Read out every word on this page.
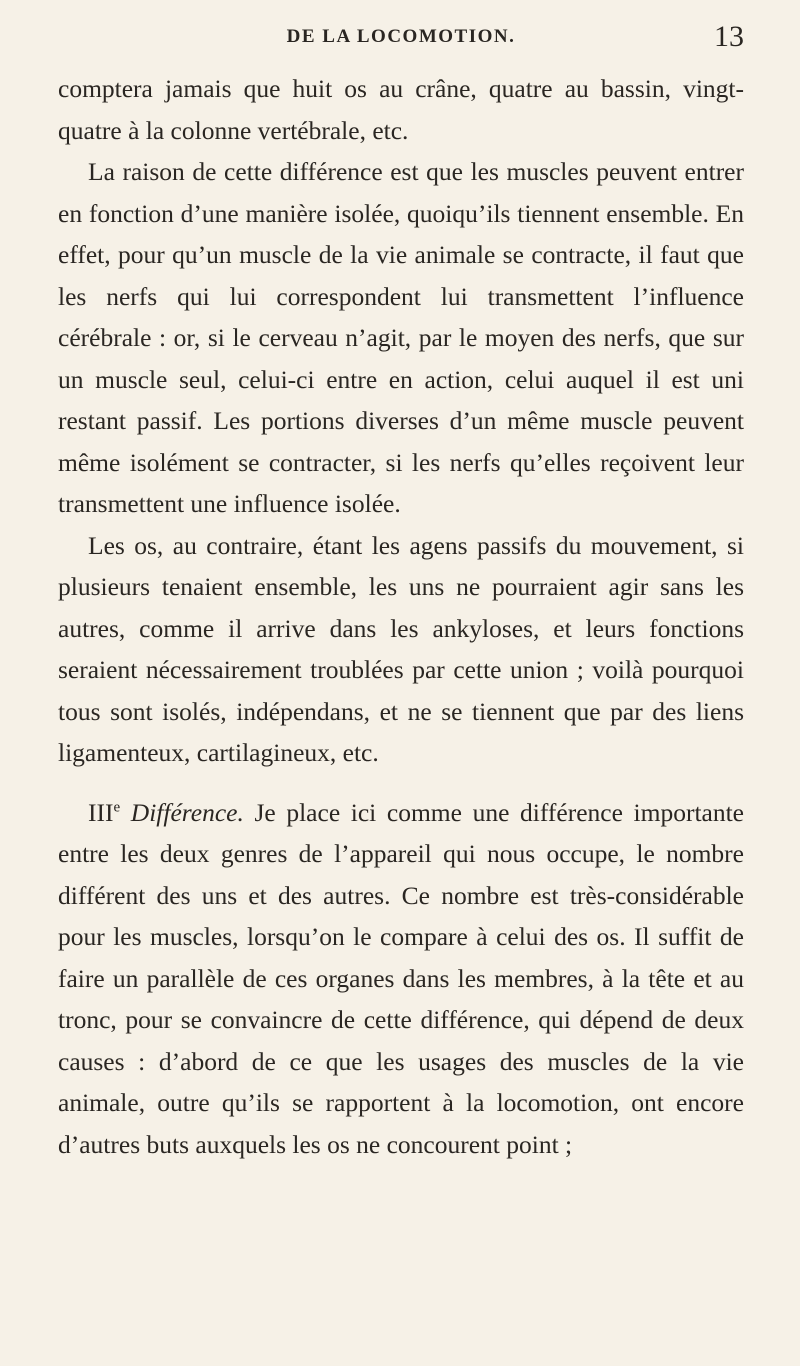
DE LA LOCOMOTION.	13

comptera jamais que huit os au crâne, quatre au bassin, vingt-quatre à la colonne vertébrale, etc.

La raison de cette différence est que les muscles peuvent entrer en fonction d’une manière isolée, quoiqu’ils tiennent ensemble. En effet, pour qu’un muscle de la vie animale se contracte, il faut que les nerfs qui lui correspondent lui transmettent l’influence cérébrale : or, si le cerveau n’agit, par le moyen des nerfs, que sur un muscle seul, celui-ci entre en action, celui auquel il est uni restant passif. Les portions diverses d’un même muscle peuvent même isolément se contracter, si les nerfs qu’elles reçoivent leur transmettent une influence isolée.

Les os, au contraire, étant les agens passifs du mouvement, si plusieurs tenaient ensemble, les uns ne pourraient agir sans les autres, comme il arrive dans les ankyloses, et leurs fonctions seraient nécessairement troublées par cette union ; voilà pourquoi tous sont isolés, indépendans, et ne se tiennent que par des liens ligamenteux, cartilagineux, etc.

IIIe Différence. Je place ici comme une différence importante entre les deux genres de l’appareil qui nous occupe, le nombre différent des uns et des autres. Ce nombre est très-considérable pour les muscles, lorsqu’on le compare à celui des os. Il suffit de faire un parallèle de ces organes dans les membres, à la tête et au tronc, pour se convaincre de cette différence, qui dépend de deux causes : d’abord de ce que les usages des muscles de la vie animale, outre qu’ils se rapportent à la locomotion, ont encore d’autres buts auxquels les os ne concourent point ;
